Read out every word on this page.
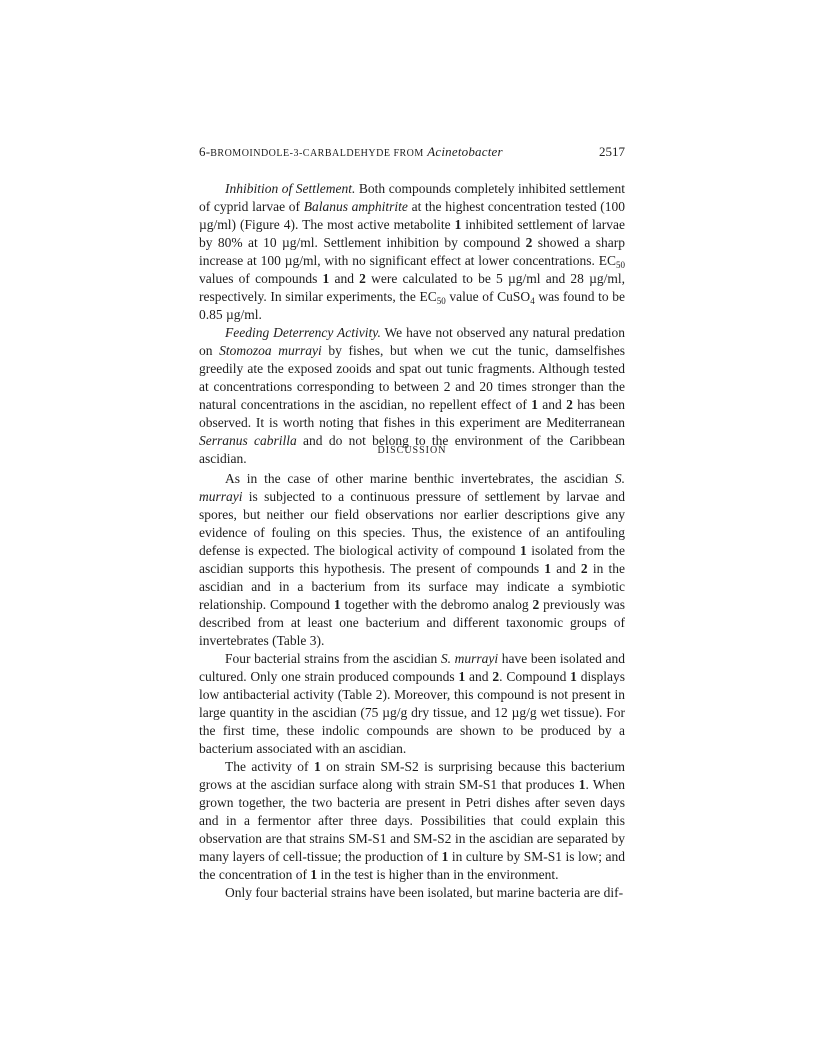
6-BROMOINDOLE-3-CARBALDEHYDE FROM Acinetobacter	2517

Inhibition of Settlement. Both compounds completely inhibited settlement of cyprid larvae of Balanus amphitrite at the highest concentration tested (100 µg/ml) (Figure 4). The most active metabolite 1 inhibited settlement of larvae by 80% at 10 µg/ml. Settlement inhibition by compound 2 showed a sharp increase at 100 µg/ml, with no significant effect at lower concentrations. $EC_{50}$ values of compounds 1 and 2 were calculated to be 5 µg/ml and 28 µg/ml, respectively. In similar experiments, the $EC_{50}$ value of CuSO$_4$ was found to be 0.85 µg/ml.

Feeding Deterrency Activity. We have not observed any natural predation on Stomozoa murrayi by fishes, but when we cut the tunic, damselfishes greedily ate the exposed zooids and spat out tunic fragments. Although tested at concentrations corresponding to between 2 and 20 times stronger than the natural concentrations in the ascidian, no repellent effect of 1 and 2 has been observed. It is worth noting that fishes in this experiment are Mediterranean Serranus cabrilla and do not belong to the environment of the Caribbean ascidian.

DISCUSSION

As in the case of other marine benthic invertebrates, the ascidian S. murrayi is subjected to a continuous pressure of settlement by larvae and spores, but neither our field observations nor earlier descriptions give any evidence of fouling on this species. Thus, the existence of an antifouling defense is expected. The biological activity of compound 1 isolated from the ascidian supports this hypothesis. The present of compounds 1 and 2 in the ascidian and in a bacterium from its surface may indicate a symbiotic relationship. Compound 1 together with the debromo analog 2 previously was described from at least one bacterium and different taxonomic groups of invertebrates (Table 3).

Four bacterial strains from the ascidian S. murrayi have been isolated and cultured. Only one strain produced compounds 1 and 2. Compound 1 displays low antibacterial activity (Table 2). Moreover, this compound is not present in large quantity in the ascidian (75 µg/g dry tissue, and 12 µg/g wet tissue). For the first time, these indolic compounds are shown to be produced by a bacterium associated with an ascidian.

The activity of 1 on strain SM-S2 is surprising because this bacterium grows at the ascidian surface along with strain SM-S1 that produces 1. When grown together, the two bacteria are present in Petri dishes after seven days and in a fermentor after three days. Possibilities that could explain this observation are that strains SM-S1 and SM-S2 in the ascidian are separated by many layers of cell-tissue; the production of 1 in culture by SM-S1 is low; and the concentration of 1 in the test is higher than in the environment.

Only four bacterial strains have been isolated, but marine bacteria are dif-
